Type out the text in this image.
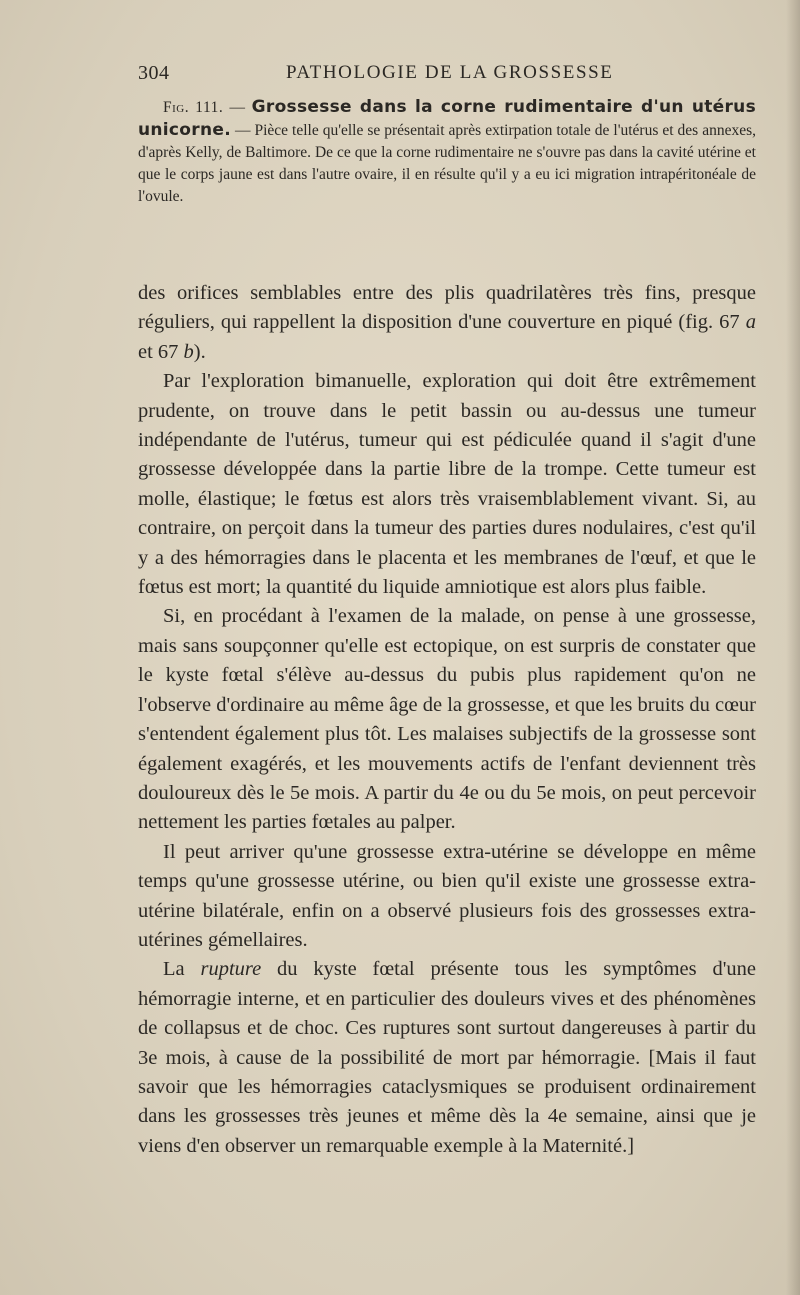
304	PATHOLOGIE DE LA GROSSESSE
Fig. 111. — Grossesse dans la corne rudimentaire d'un utérus unicorne. — Pièce telle qu'elle se présentait après extirpation totale de l'utérus et des annexes, d'après Kelly, de Baltimore. De ce que la corne rudimentaire ne s'ouvre pas dans la cavité utérine et que le corps jaune est dans l'autre ovaire, il en résulte qu'il y a eu ici migration intrapéritonéale de l'ovule.

des orifices semblables entre des plis quadrilatères très fins, presque réguliers, qui rappellent la disposition d'une couverture en piqué (fig. 67 a et 67 b).

Par l'exploration bimanuelle, exploration qui doit être extrêmement prudente, on trouve dans le petit bassin ou au-dessus une tumeur indépendante de l'utérus, tumeur qui est pédiculée quand il s'agit d'une grossesse développée dans la partie libre de la trompe. Cette tumeur est molle, élastique; le fœtus est alors très vraisemblablement vivant. Si, au contraire, on perçoit dans la tumeur des parties dures nodulaires, c'est qu'il y a des hémorragies dans le placenta et les membranes de l'œuf, et que le fœtus est mort; la quantité du liquide amniotique est alors plus faible.

Si, en procédant à l'examen de la malade, on pense à une grossesse, mais sans soupçonner qu'elle est ectopique, on est surpris de constater que le kyste fœtal s'élève au-dessus du pubis plus rapidement qu'on ne l'observe d'ordinaire au même âge de la grossesse, et que les bruits du cœur s'entendent également plus tôt. Les malaises subjectifs de la grossesse sont également exagérés, et les mouvements actifs de l'enfant deviennent très douloureux dès le 5e mois. A partir du 4e ou du 5e mois, on peut percevoir nettement les parties fœtales au palper.

Il peut arriver qu'une grossesse extra-utérine se développe en même temps qu'une grossesse utérine, ou bien qu'il existe une grossesse extra-utérine bilatérale, enfin on a observé plusieurs fois des grossesses extra-utérines gémellaires.

La rupture du kyste fœtal présente tous les symptômes d'une hémorragie interne, et en particulier des douleurs vives et des phénomènes de collapsus et de choc. Ces ruptures sont surtout dangereuses à partir du 3e mois, à cause de la possibilité de mort par hémorragie. [Mais il faut savoir que les hémorragies cataclysmiques se produisent ordinairement dans les grossesses très jeunes et même dès la 4e semaine, ainsi que je viens d'en observer un remarquable exemple à la Maternité.]
